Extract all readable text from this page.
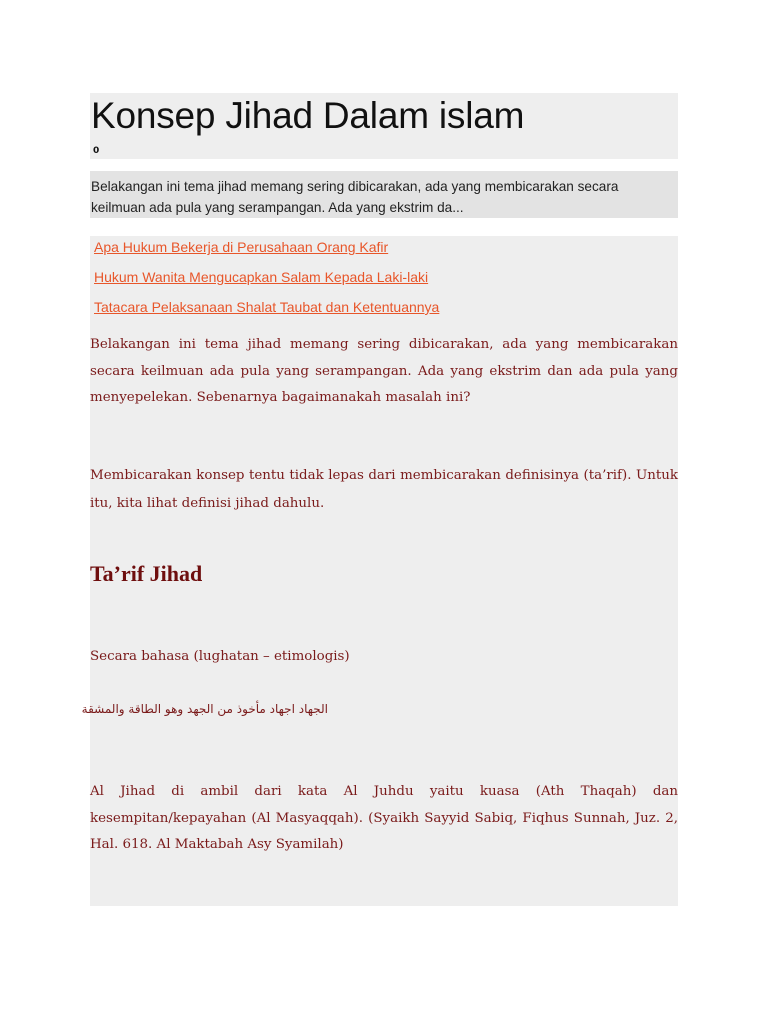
Konsep Jihad Dalam islam
0

Belakangan ini tema jihad memang sering dibicarakan, ada yang membicarakan secara keilmuan ada pula yang serampangan. Ada yang ekstrim da...

Apa Hukum Bekerja di Perusahaan Orang Kafir
Hukum Wanita Mengucapkan Salam Kepada Laki-laki
Tatacara Pelaksanaan Shalat Taubat dan Ketentuannya

Belakangan ini tema jihad memang sering dibicarakan, ada yang membicarakan secara keilmuan ada pula yang serampangan. Ada yang ekstrim dan ada pula yang menyepelekan. Sebenarnya bagaimanakah masalah ini?

Membicarakan konsep tentu tidak lepas dari membicarakan definisinya (ta’rif). Untuk itu, kita lihat definisi jihad dahulu.

Ta’rif Jihad

Secara bahasa (lughatan – etimologis)

الجهاد اجهاد مأخوذ من الجهد وهو الطاقة والمشقة

Al Jihad di ambil dari kata Al Juhdu yaitu kuasa (Ath Thaqah) dan kesempitan/kepayahan (Al Masyaqqah). (Syaikh Sayyid Sabiq, Fiqhus Sunnah, Juz. 2, Hal. 618. Al Maktabah Asy Syamilah)
